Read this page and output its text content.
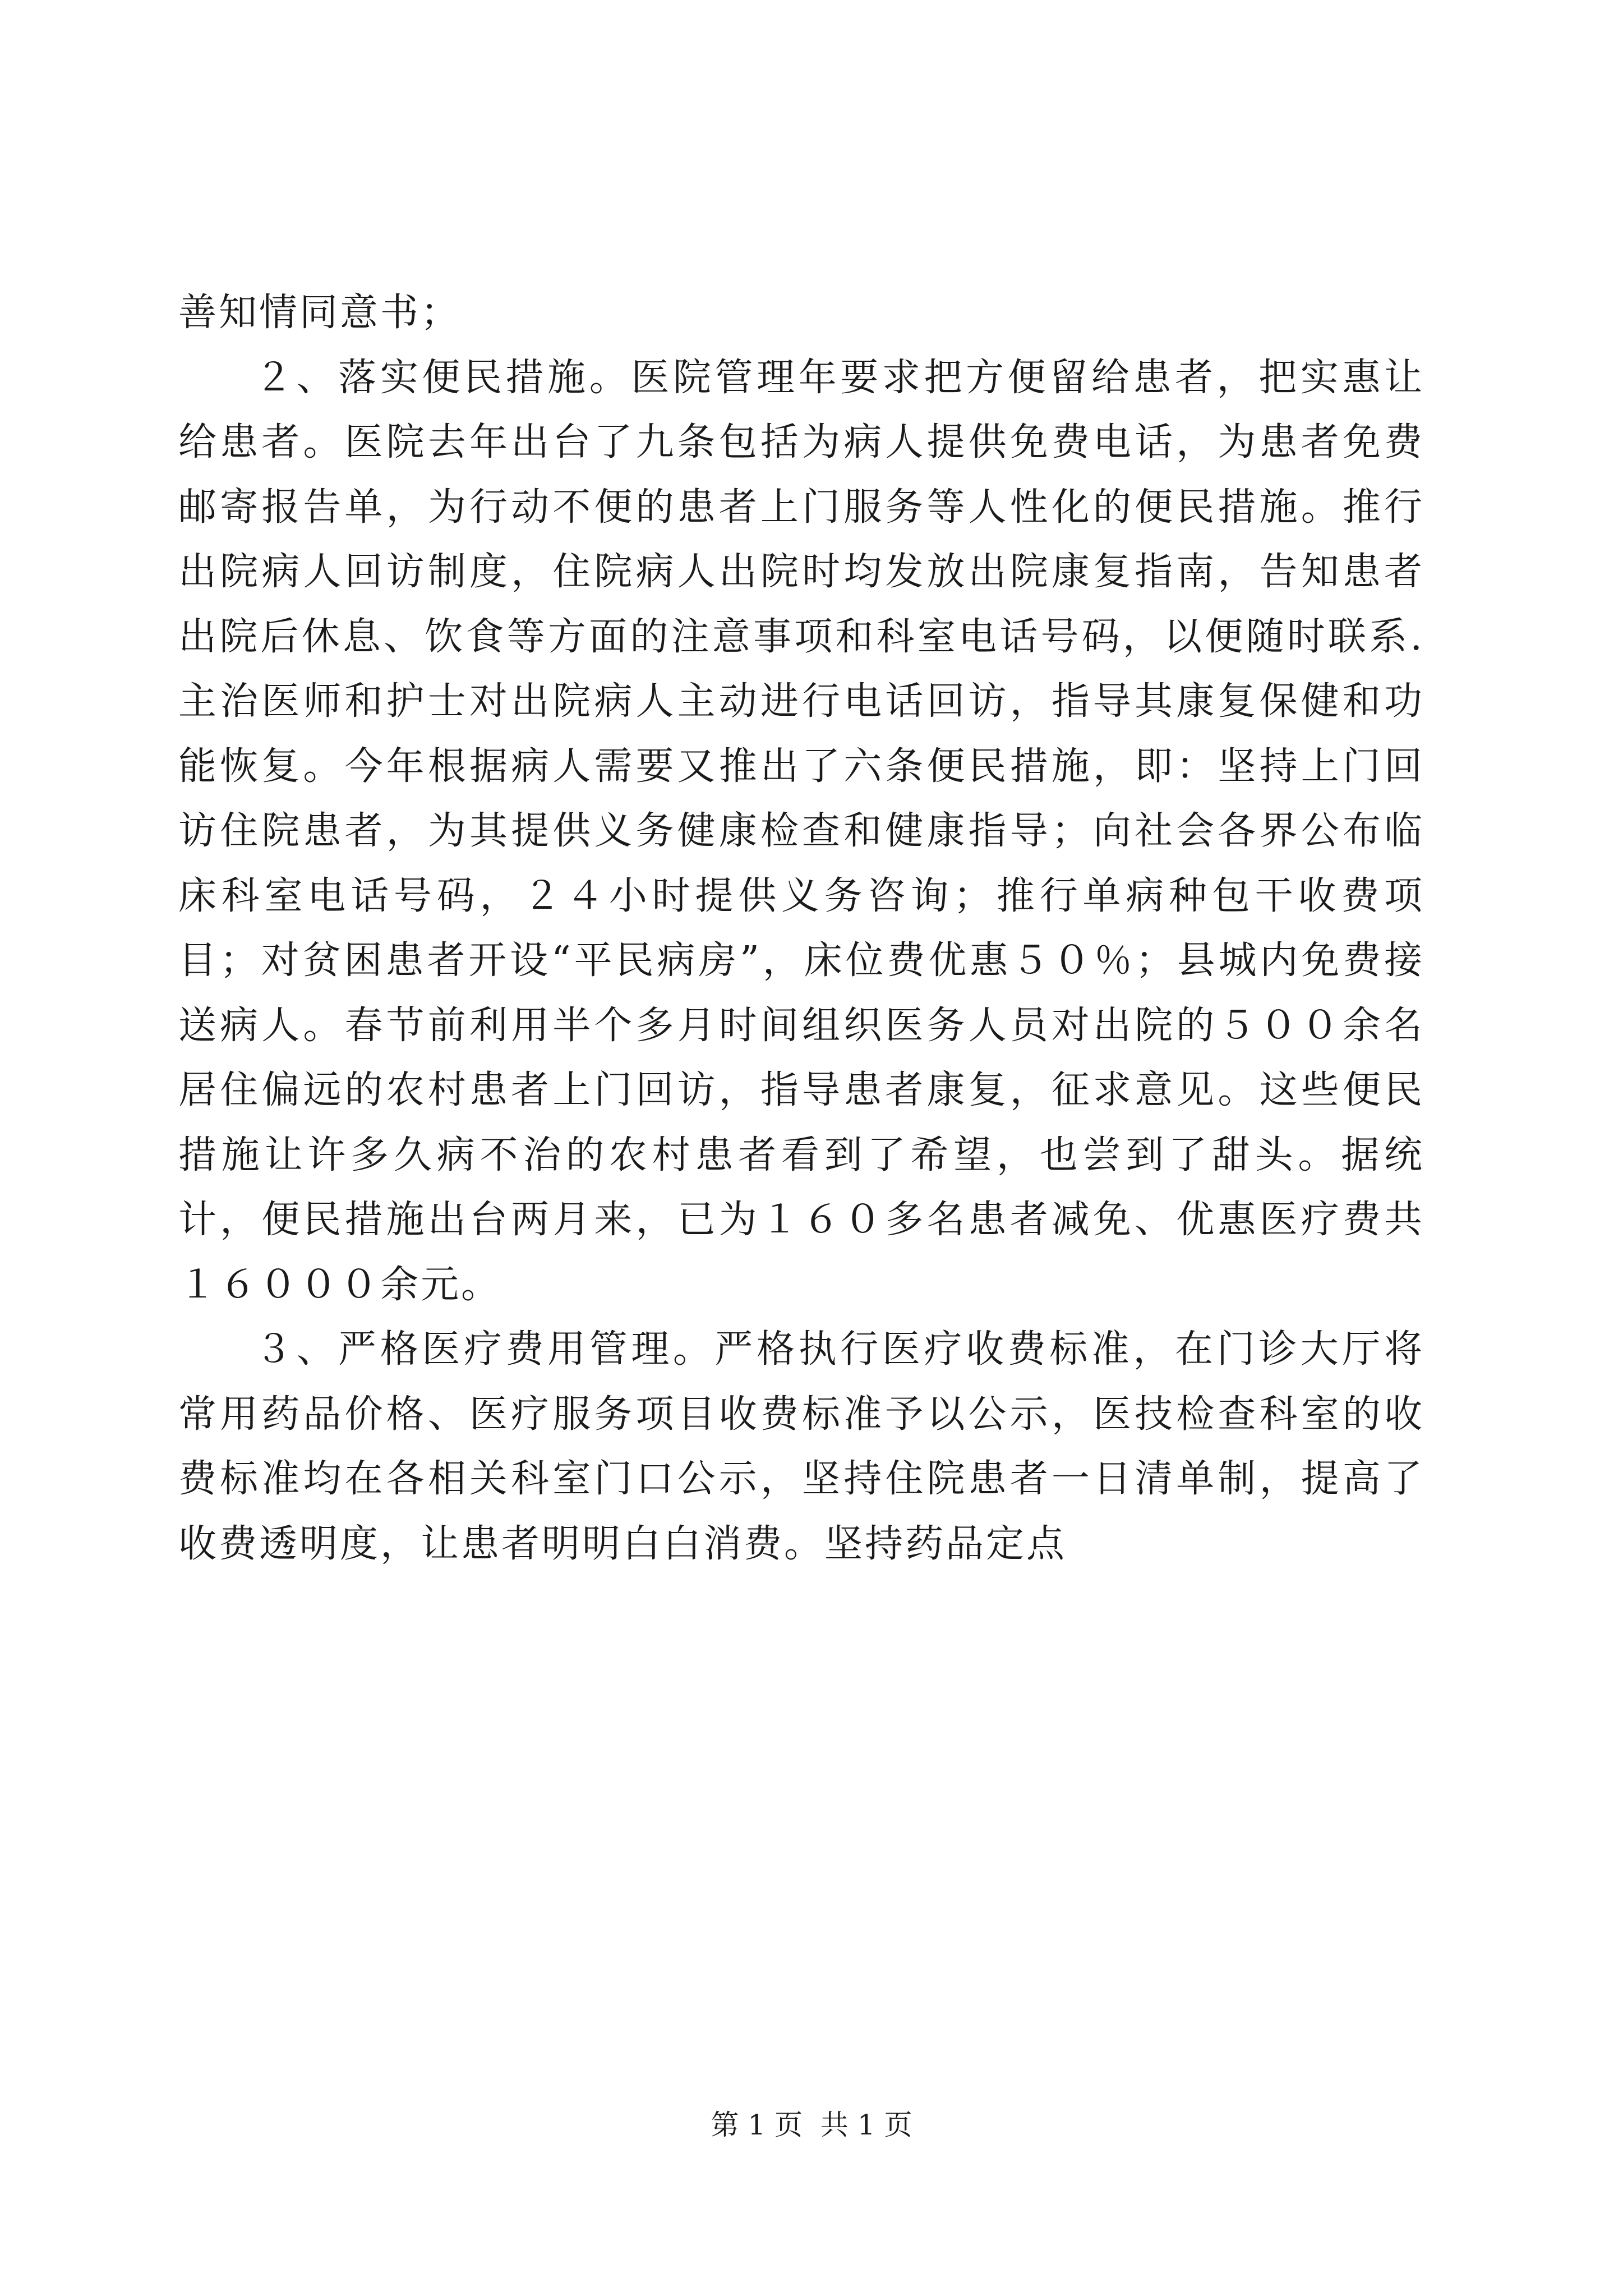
善知情同意书；

２、落实便民措施。医院管理年要求把方便留给患者，把实惠让给患者。医院去年出台了九条包括为病人提供免费电话，为患者免费邮寄报告单，为行动不便的患者上门服务等人性化的便民措施。推行出院病人回访制度，住院病人出院时均发放出院康复指南，告知患者出院后休息、饮食等方面的注意事项和科室电话号码，以便随时联系.主治医师和护士对出院病人主动进行电话回访，指导其康复保健和功能恢复。今年根据病人需要又推出了六条便民措施，即：坚持上门回访住院患者，为其提供义务健康检查和健康指导；向社会各界公布临床科室电话号码，２４小时提供义务咨询；推行单病种包干收费项目；对贫困患者开设“平民病房”，床位费优惠５０％；县城内免费接送病人。春节前利用半个多月时间组织医务人员对出院的５００余名居住偏远的农村患者上门回访，指导患者康复，征求意见。这些便民措施让许多久病不治的农村患者看到了希望，也尝到了甜头。据统计，便民措施出台两月来，已为１６０多名患者减免、优惠医疗费共１６０００余元。

３、严格医疗费用管理。严格执行医疗收费标准，在门诊大厅将常用药品价格、医疗服务项目收费标准予以公示，医技检查科室的收费标准均在各相关科室门口公示，坚持住院患者一日清单制，提高了收费透明度，让患者明明白白消费。坚持药品定点

第 1 页  共 1 页
